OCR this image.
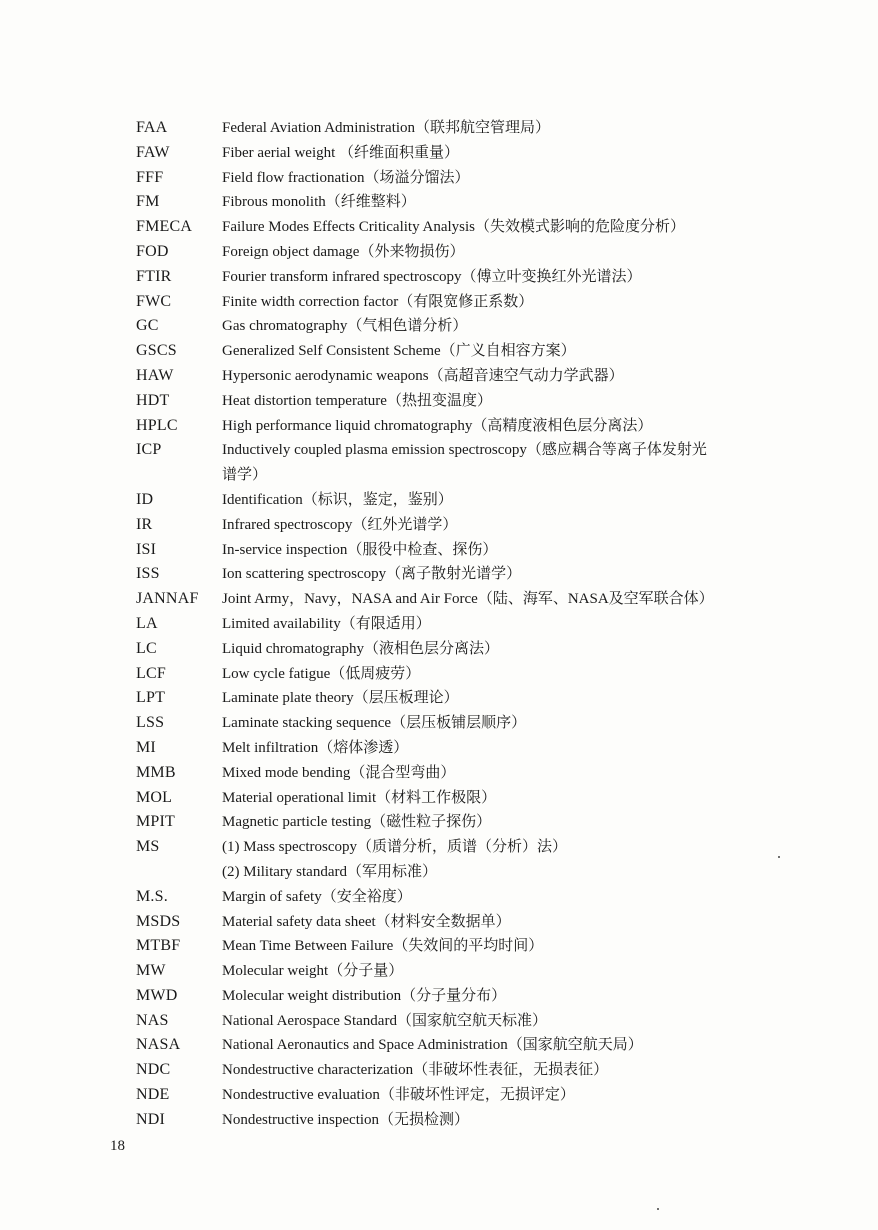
FAA	Federal Aviation Administration（联邦航空管理局）
FAW	Fiber aerial weight （纤维面积重量）
FFF	Field flow fractionation（场溢分馏法）
FM	Fibrous monolith（纤维整料）
FMECA	Failure Modes Effects Criticality Analysis（失效模式影响的危险度分析）
FOD	Foreign object damage（外来物损伤）
FTIR	Fourier transform infrared spectroscopy（傅立叶变换红外光谱法）
FWC	Finite width correction factor（有限宽修正系数）
GC	Gas chromatography（气相色谱分析）
GSCS	Generalized Self Consistent Scheme（广义自相容方案）
HAW	Hypersonic aerodynamic weapons（高超音速空气动力学武器）
HDT	Heat distortion temperature（热扭变温度）
HPLC	High performance liquid chromatography（高精度液相色层分离法）
ICP	Inductively coupled plasma emission spectroscopy（感应耦合等离子体发射光
谱学）
ID	Identification（标识，鉴定，鉴别）
IR	Infrared spectroscopy（红外光谱学）
ISI	In-service inspection（服役中检查、探伤）
ISS	Ion scattering spectroscopy（离子散射光谱学）
JANNAF	Joint Army，Navy，NASA and Air Force（陆、海军、NASA及空军联合体）
LA	Limited availability（有限适用）
LC	Liquid chromatography（液相色层分离法）
LCF	Low cycle fatigue（低周疲劳）
LPT	Laminate plate theory（层压板理论）
LSS	Laminate stacking sequence（层压板铺层顺序）
MI	Melt infiltration（熔体渗透）
MMB	Mixed mode bending（混合型弯曲）
MOL	Material operational limit（材料工作极限）
MPIT	Magnetic particle testing（磁性粒子探伤）
MS	(1) Mass spectroscopy（质谱分析，质谱（分析）法）
(2) Military standard（军用标准）
M.S.	Margin of safety（安全裕度）
MSDS	Material safety data sheet（材料安全数据单）
MTBF	Mean Time Between Failure（失效间的平均时间）
MW	Molecular weight（分子量）
MWD	Molecular weight distribution（分子量分布）
NAS	National Aerospace Standard（国家航空航天标准）
NASA	National Aeronautics and Space Administration（国家航空航天局）
NDC	Nondestructive characterization（非破坏性表征，无损表征）
NDE	Nondestructive evaluation（非破坏性评定，无损评定）
NDI	Nondestructive inspection（无损检测）
18
